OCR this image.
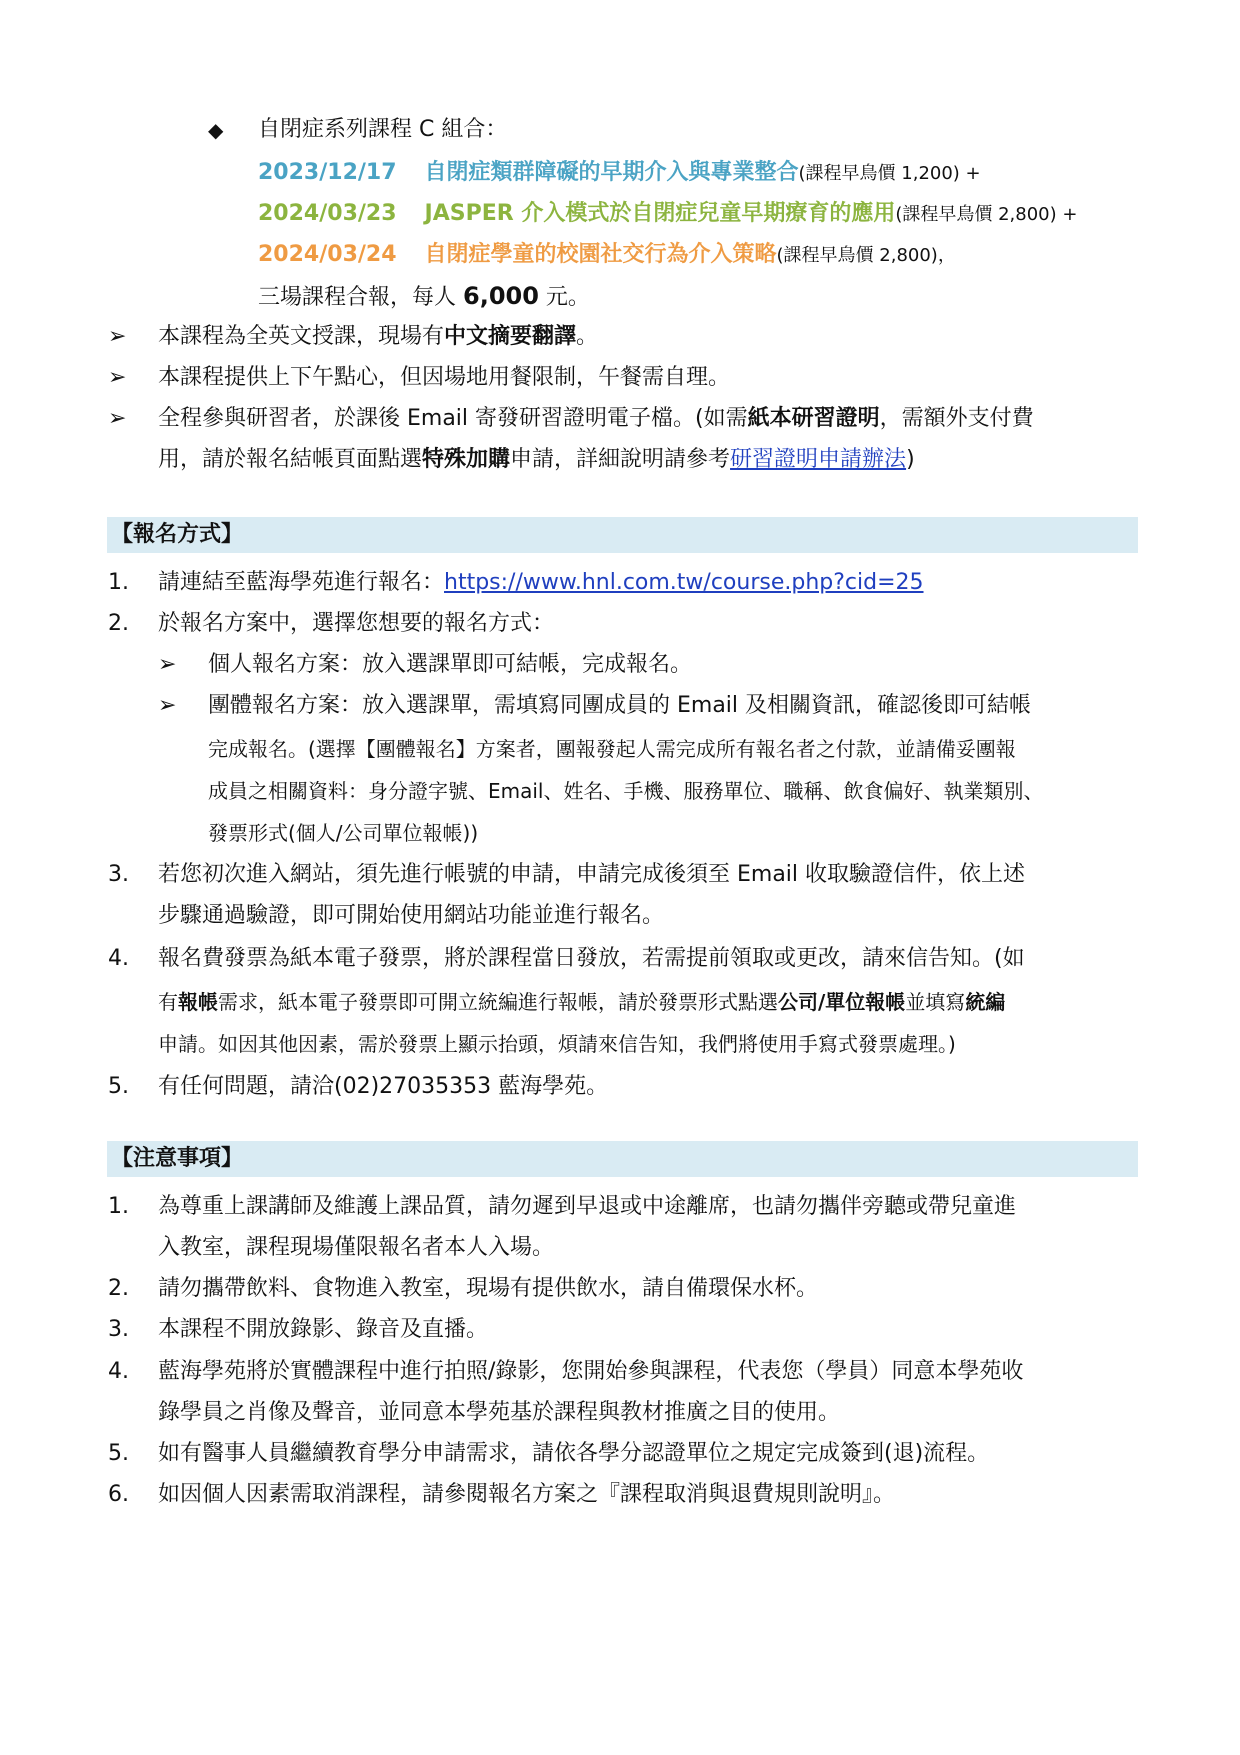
◆ 自閉症系列課程 C 組合：
2023/12/17 自閉症類群障礙的早期介入與專業整合(課程早鳥價 1,200) +
2024/03/23 JASPER 介入模式於自閉症兒童早期療育的應用(課程早鳥價 2,800) +
2024/03/24 自閉症學童的校園社交行為介入策略(課程早鳥價 2,800)，
三場課程合報，每人 6,000 元。
➢ 本課程為全英文授課，現場有中文摘要翻譯。
➢ 本課程提供上下午點心，但因場地用餐限制，午餐需自理。
➢ 全程參與研習者，於課後 Email 寄發研習證明電子檔。(如需紙本研習證明，需額外支付費
用，請於報名結帳頁面點選特殊加購申請，詳細說明請參考研習證明申請辦法)
【報名方式】
1. 請連結至藍海學苑進行報名：https://www.hnl.com.tw/course.php?cid=25
2. 於報名方案中，選擇您想要的報名方式：
➢ 個人報名方案：放入選課單即可結帳，完成報名。
➢ 團體報名方案：放入選課單，需填寫同團成員的 Email 及相關資訊，確認後即可結帳
完成報名。(選擇【團體報名】方案者，團報發起人需完成所有報名者之付款，並請備妥團報
成員之相關資料：身分證字號、Email、姓名、手機、服務單位、職稱、飲食偏好、執業類別、
發票形式(個人/公司單位報帳))
3. 若您初次進入網站，須先進行帳號的申請，申請完成後須至 Email 收取驗證信件，依上述
步驟通過驗證，即可開始使用網站功能並進行報名。
4. 報名費發票為紙本電子發票，將於課程當日發放，若需提前領取或更改，請來信告知。(如
有報帳需求，紙本電子發票即可開立統編進行報帳，請於發票形式點選公司/單位報帳並填寫統編
申請。如因其他因素，需於發票上顯示抬頭，煩請來信告知，我們將使用手寫式發票處理。)
5. 有任何問題，請洽(02)27035353 藍海學苑。
【注意事項】
1. 為尊重上課講師及維護上課品質，請勿遲到早退或中途離席，也請勿攜伴旁聽或帶兒童進
入教室，課程現場僅限報名者本人入場。
2. 請勿攜帶飲料、食物進入教室，現場有提供飲水，請自備環保水杯。
3. 本課程不開放錄影、錄音及直播。
4. 藍海學苑將於實體課程中進行拍照/錄影，您開始參與課程，代表您（學員）同意本學苑收
錄學員之肖像及聲音，並同意本學苑基於課程與教材推廣之目的使用。
5. 如有醫事人員繼續教育學分申請需求，請依各學分認證單位之規定完成簽到(退)流程。
6. 如因個人因素需取消課程，請參閱報名方案之『課程取消與退費規則說明』。
